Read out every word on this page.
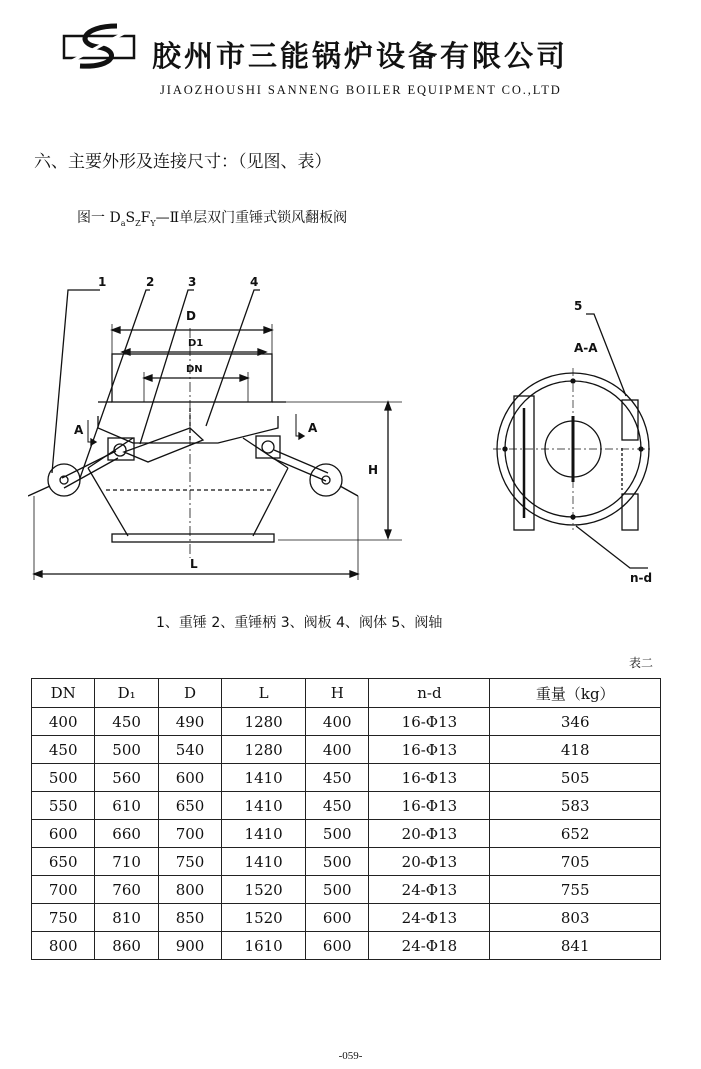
胶州市三能锅炉设备有限公司
JIAOZHOUSHI SANNENG BOILER EQUIPMENT CO.,LTD
六、主要外形及连接尺寸：（见图、表）
图一 $D_aS_ZF_Y—Ⅱ$单层双门重锤式锁风翻板阀
1	2	3	4
D
D1
DN
H
L
A	A
5
A-A
n-d
1、重锤 2、重锤柄 3、阀板 4、阀体 5、阀轴
表二
DN	D₁	D	L	H	n-d	重量（kg）
400	450	490	1280	400	16-Φ13	346
450	500	540	1280	400	16-Φ13	418
500	560	600	1410	450	16-Φ13	505
550	610	650	1410	450	16-Φ13	583
600	660	700	1410	500	20-Φ13	652
650	710	750	1410	500	20-Φ13	705
700	760	800	1520	500	24-Φ13	755
750	810	850	1520	600	24-Φ13	803
800	860	900	1610	600	24-Φ18	841
-059-
